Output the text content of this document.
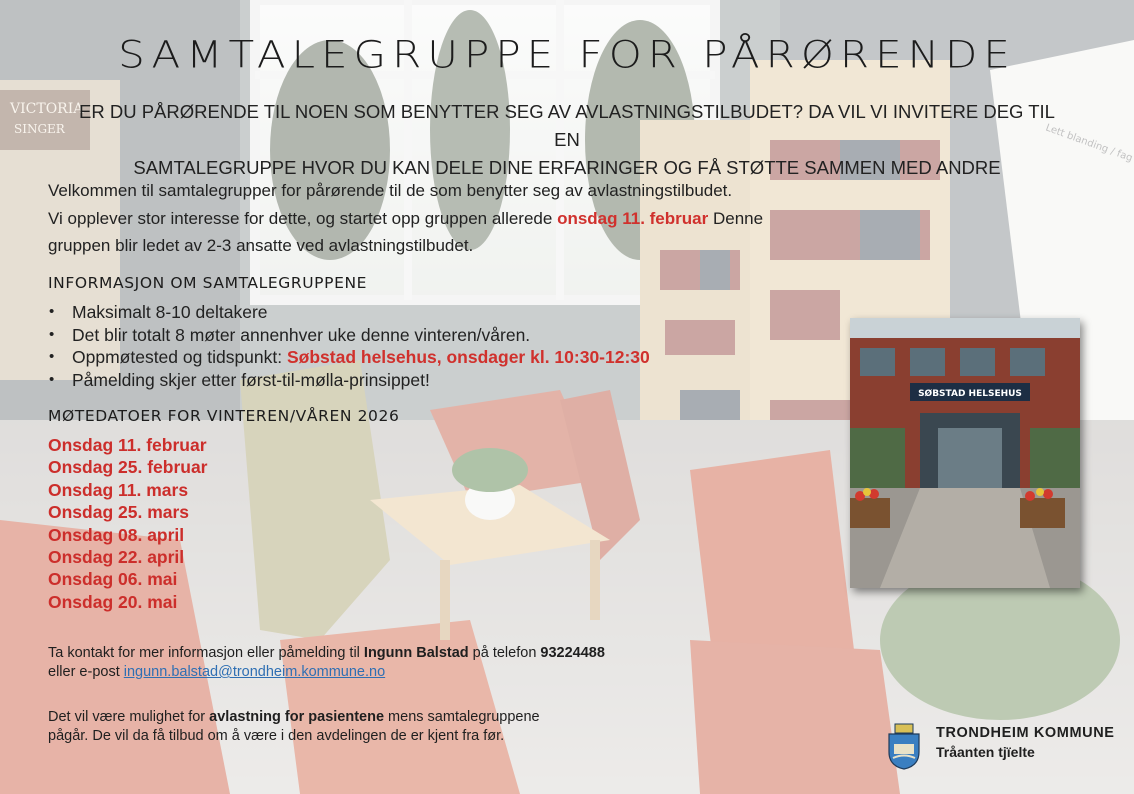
SAMTALEGRUPPE FOR PÅRØRENDE
ER DU PÅRØRENDE TIL NOEN SOM BENYTTER SEG AV AVLASTNINGSTILBUDET? DA VIL VI INVITERE DEG TIL EN
SAMTALEGRUPPE HVOR DU KAN DELE DINE ERFARINGER OG FÅ STØTTE SAMMEN MED ANDRE
Velkommen til samtalegrupper for pårørende til de som benytter seg av avlastningstilbudet.
Vi opplever stor interesse for dette, og startet opp gruppen allerede onsdag 11. februar Denne
gruppen blir ledet av 2-3 ansatte ved avlastningstilbudet.
INFORMASJON OM SAMTALEGRUPPENE
• Maksimalt 8-10 deltakere
• Det blir totalt 8 møter annenhver uke denne vinteren/våren.
• Oppmøtested og tidspunkt: Søbstad helsehus, onsdager kl. 10:30-12:30
• Påmelding skjer etter først-til-mølla-prinsippet!
MØTEDATOER FOR VINTEREN/VÅREN 2026
Onsdag 11. februar
Onsdag 25. februar
Onsdag 11. mars
Onsdag 25. mars
Onsdag 08. april
Onsdag 22. april
Onsdag 06. mai
Onsdag 20. mai
Ta kontakt for mer informasjon eller påmelding til Ingunn Balstad på telefon 93224488
eller e-post ingunn.balstad@trondheim.kommune.no
Det vil være mulighet for avlastning for pasientene mens samtalegruppene
pågår. De vil da få tilbud om å være i den avdelingen de er kjent fra før.
SØBSTAD HELSEHUS
TRONDHEIM KOMMUNE
Tråanten tjïelte
